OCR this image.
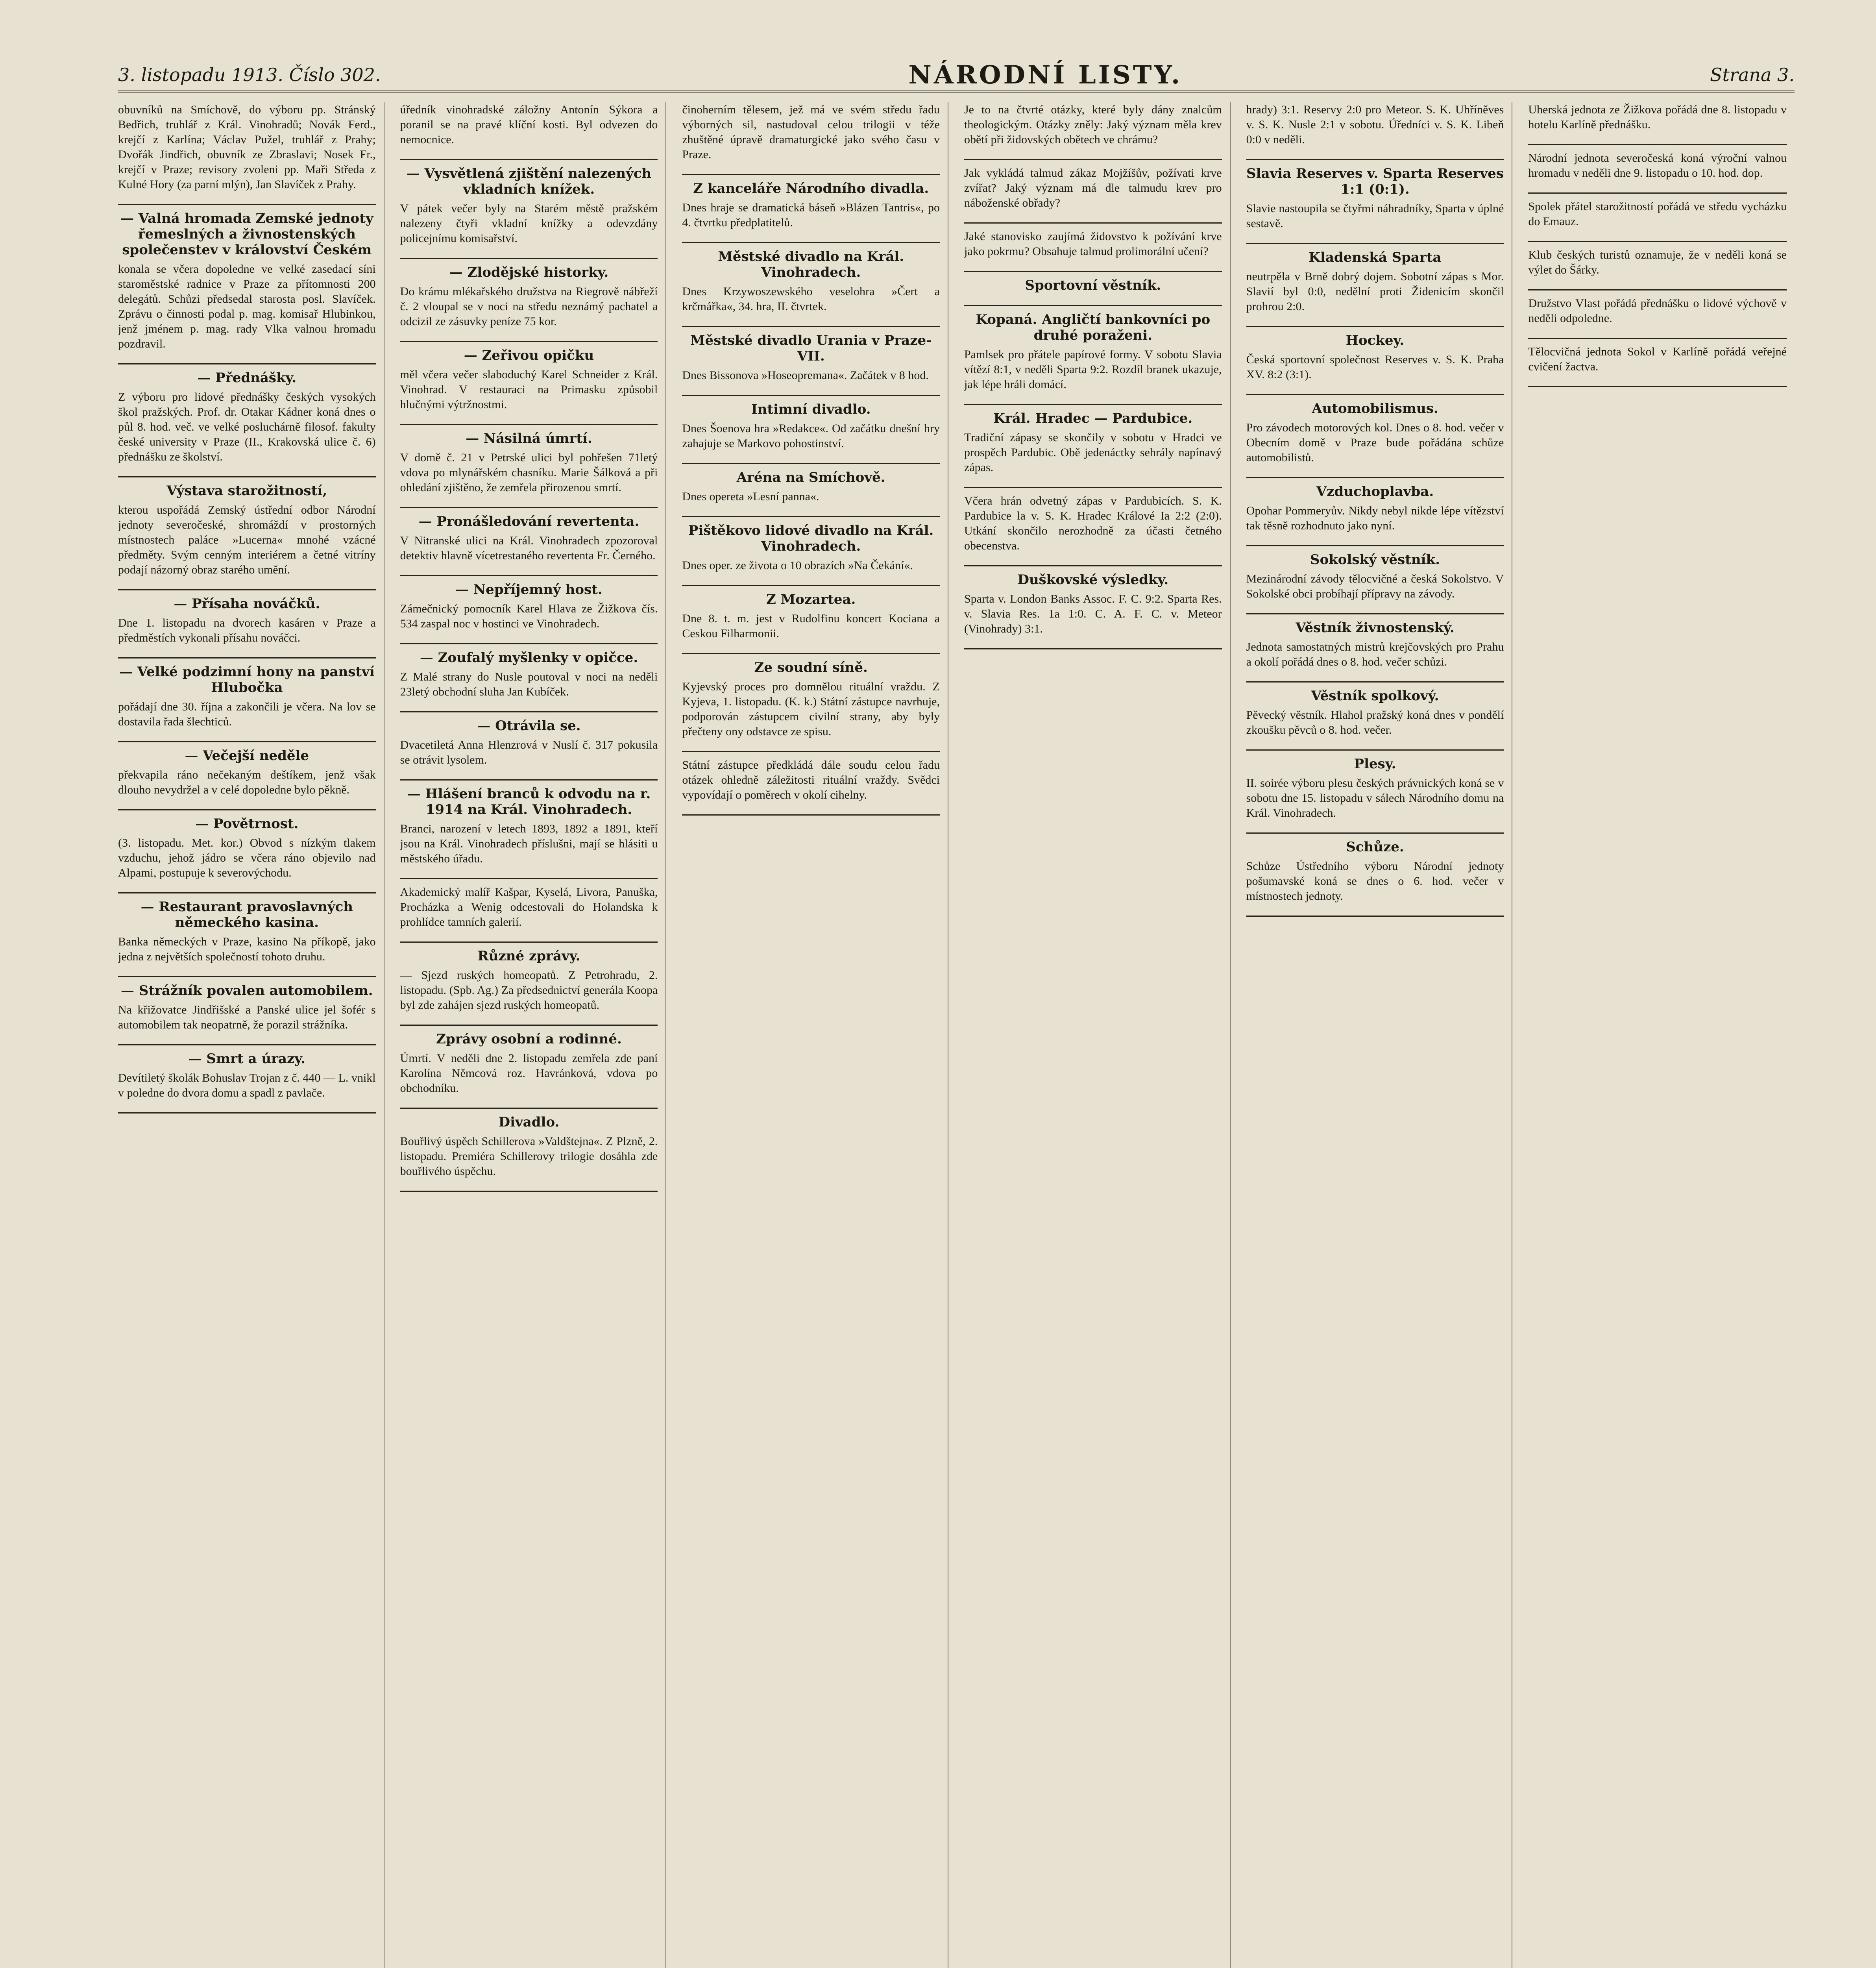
3. listopadu 1913. Číslo 302.	NÁRODNÍ LISTY.	Strana 3.

obuvníků na Smíchově, do výboru pp. Stránský Bedřich, truhlář z Král. Vinohradů; Novák Ferd., krejčí z Karlína; Václav Pužel, truhlář z Prahy; Dvořák Jindřich, obuvník ze Zbraslavi; Nosek Fr., krejčí v Praze; revisory zvoleni pp. Maři Středa z Kulné Hory (za parní mlýn), Jan Slavíček z Prahy.

— Valná hromada Zemské jednoty řemeslných a živnostenských společenstev v království Českém

konala se včera dopoledne ve velké zasedací síni staroměstské radnice v Praze za přítomnosti 200 delegátů. Schůzi předsedal starosta posl. Slavíček. Zprávu o činnosti podal p. mag. komisař Hlubinkou, jenž jménem p. mag. rady Vlka valnou hromadu pozdravil.

— Přednášky.

Z výboru pro lidové přednášky českých vysokých škol pražských. Prof. dr. Otakar Kádner koná dnes o půl 8. hod. več. ve velké posluchárně filosof. fakulty české university v Praze (II., Krakovská ulice č. 6) přednášku ze školství.

Výstava starožitností,

kterou uspořádá Zemský ústřední odbor Národní jednoty severočeské, shromáždí v prostorných místnostech paláce »Lucerna« mnohé vzácné předměty. Svým cenným interiérem a četné vitríny podají názorný obraz starého umění.

— Přísaha nováčků.

Dne 1. listopadu na dvorech kasáren v Praze a předměstích vykonali přísahu nováčci.

— Velké podzimní hony na panství Hlubočka

pořádají dne 30. října a zakončili je včera. Na lov se dostavila řada šlechticů.

— Večejší neděle

překvapila ráno nečekaným deštíkem, jenž však dlouho nevydržel a v celé dopoledne bylo pěkně.

— Povětrnost.

(3. listopadu. Met. kor.) Obvod s nízkým tlakem vzduchu, jehož jádro se včera ráno objevilo nad Alpami, postupuje k severovýchodu.

— Restaurant pravoslavných německého kasina.

Banka německých v Praze, kasino Na příkopě, jako jedna z největších společností tohoto druhu.

— Strážník povalen automobilem.

Na křižovatce Jindřišské a Panské ulice jel šofér s automobilem tak neopatrně, že porazil strážníka.

— Smrt a úrazy.

Devítiletý školák Bohuslav Trojan z č. 440 — L. vnikl v poledne do dvora domu a spadl z pavlače.

úředník vinohradské záložny Antonín Sýkora a poranil se na pravé klíční kosti. Byl odvezen do nemocnice.

— Vysvětlená zjištění nalezených vkladních knížek.

V pátek večer byly na Starém městě pražském nalezeny čtyři vkladní knížky a odevzdány policejnímu komisařství.

— Zlodějské historky.

Do krámu mlékařského družstva na Riegrově nábřeží č. 2 vloupal se v noci na středu neznámý pachatel a odcizil ze zásuvky peníze 75 kor.

— Zeřivou opičku

měl včera večer slaboduchý Karel Schneider z Král. Vinohrad. V restauraci na Primasku způsobil hlučnými výtržnostmi.

— Násilná úmrtí.

V domě č. 21 v Petrské ulici byl pohřešen 71letý vdova po mlynářském chasníku. Marie Šálková a při ohledání zjištěno, že zemřela přirozenou smrtí.

— Pronášledování revertenta.

V Nitranské ulici na Král. Vinohradech zpozoroval detektiv hlavně vícetrestaného revertenta Fr. Černého.

— Nepříjemný host.

Zámečnický pomocník Karel Hlava ze Žižkova čís. 534 zaspal noc v hostinci ve Vinohradech.

— Zoufalý myšlenky v opičce.

Z Malé strany do Nusle poutoval v noci na neděli 23letý obchodní sluha Jan Kubíček.

— Otrávila se.

Dvacetiletá Anna Hlenzrová v Nuslí č. 317 pokusila se otrávit lysolem.

— Hlášení branců k odvodu na r. 1914 na Král. Vinohradech.

Branci, narození v letech 1893, 1892 a 1891, kteří jsou na Král. Vinohradech příslušni, mají se hlásiti u městského úřadu.

Akademický malíř Kašpar, Kyselá, Livora, Panuška, Procházka a Wenig odcestovali do Holandska k prohlídce tamních galerií.

Různé zprávy.

— Sjezd ruských homeopatů. Z Petrohradu, 2. listopadu. (Spb. Ag.) Za předsednictví generála Koopa byl zde zahájen sjezd ruských homeopatů.

Zprávy osobní a rodinné.

Úmrtí. V neděli dne 2. listopadu zemřela zde paní Karolína Němcová roz. Havránková, vdova po obchodníku.

Divadlo.

Bouřlivý úspěch Schillerova »Valdštejna«. Z Plzně, 2. listopadu. Premiéra Schillerovy trilogie dosáhla zde bouřlivého úspěchu.

činoherním tělesem, jež má ve svém středu řadu výborných sil, nastudoval celou trilogii v téže zhuštěné úpravě dramaturgické jako svého času v Praze.

Z kanceláře Národního divadla.

Dnes hraje se dramatická báseň »Blázen Tantris«, po 4. čtvrtku předplatitelů.

Městské divadlo na Král. Vinohradech.

Dnes Krzywoszewského veselohra »Čert a krčmářka«, 34. hra, II. čtvrtek.

Městské divadlo Urania v Praze-VII.

Dnes Bissonova »Hoseopremana«. Začátek v 8 hod.

Intimní divadlo.

Dnes Šoenova hra »Redakce«. Od začátku dnešní hry zahajuje se Markovo pohostinství.

Aréna na Smíchově.

Dnes opereta »Lesní panna«.

Pištěkovo lidové divadlo na Král. Vinohradech.

Dnes oper. ze života o 10 obrazích »Na Čekání«.

Z Mozartea.

Dne 8. t. m. jest v Rudolfinu koncert Kociana a Ceskou Filharmonii.

Ze soudní síně.

Kyjevský proces pro domnělou rituální vraždu. Z Kyjeva, 1. listopadu. (K. k.) Státní zástupce navrhuje, podporován zástupcem civilní strany, aby byly přečteny ony odstavce ze spisu.

Státní zástupce předkládá dále soudu celou řadu otázek ohledně záležitosti rituální vraždy. Svědci vypovídají o poměrech v okolí cihelny.

Je to na čtvrté otázky, které byly dány znalcům theologickým. Otázky zněly: Jaký význam měla krev obětí při židovských obětech ve chrámu?

Jak vykládá talmud zákaz Mojžíšův, požívati krve zvířat? Jaký význam má dle talmudu krev pro náboženské obřady?

Jaké stanovisko zaujímá židovstvo k požívání krve jako pokrmu? Obsahuje talmud prolimorální učení?

Sportovní věstník.
Kopaná. Angličtí bankovníci po druhé poraženi.

Pamlsek pro přátele papírové formy. V sobotu Slavia vítězí 8:1, v neděli Sparta 9:2. Rozdíl branek ukazuje, jak lépe hráli domácí.

Král. Hradec — Pardubice.

Tradiční zápasy se skončily v sobotu v Hradci ve prospěch Pardubic. Obě jedenáctky sehrály napínavý zápas.

Včera hrán odvetný zápas v Pardubicích. S. K. Pardubice la v. S. K. Hradec Králové Ia 2:2 (2:0). Utkání skončilo nerozhodně za účasti četného obecenstva.

Duškovské výsledky.

Sparta v. London Banks Assoc. F. C. 9:2. Sparta Res. v. Slavia Res. 1a 1:0. C. A. F. C. v. Meteor (Vinohrady) 3:1.

hrady) 3:1. Reservy 2:0 pro Meteor. S. K. Uhříněves v. S. K. Nusle 2:1 v sobotu. Úředníci v. S. K. Libeň 0:0 v neděli.

Slavia Reserves v. Sparta Reserves 1:1 (0:1).

Slavie nastoupila se čtyřmi náhradníky, Sparta v úplné sestavě.

Kladenská Sparta

neutrpěla v Brně dobrý dojem. Sobotní zápas s Mor. Slavií byl 0:0, nedělní proti Židenicím skončil prohrou 2:0.

Hockey.

Česká sportovní společnost Reserves v. S. K. Praha XV. 8:2 (3:1).

Automobilismus.

Pro závodech motorových kol. Dnes o 8. hod. večer v Obecním domě v Praze bude pořádána schůze automobilistů.

Vzduchoplavba.

Opohar Pommeryův. Nikdy nebyl nikde lépe vítězství tak těsně rozhodnuto jako nyní.

Sokolský věstník.

Mezinárodní závody tělocvičné a česká Sokolstvo. V Sokolské obci probíhají přípravy na závody.

Věstník živnostenský.

Jednota samostatných mistrů krejčovských pro Prahu a okolí pořádá dnes o 8. hod. večer schůzi.

Věstník spolkový.

Pěvecký věstník. Hlahol pražský koná dnes v pondělí zkoušku pěvců o 8. hod. večer.

Plesy.

II. soirée výboru plesu českých právnických koná se v sobotu dne 15. listopadu v sálech Národního domu na Král. Vinohradech.

Schůze.

Schůze Ústředního výboru Národní jednoty pošumavské koná se dnes o 6. hod. večer v místnostech jednoty.

Uherská jednota ze Žižkova pořádá dne 8. listopadu v hotelu Karlíně přednášku.

Národní jednota severočeská koná výroční valnou hromadu v neděli dne 9. listopadu o 10. hod. dop.

Spolek přátel starožitností pořádá ve středu vycházku do Emauz.

Klub českých turistů oznamuje, že v neděli koná se výlet do Šárky.

Družstvo Vlast pořádá přednášku o lidové výchově v neděli odpoledne.

Tělocvičná jednota Sokol v Karlíně pořádá veřejné cvičení žactva.
